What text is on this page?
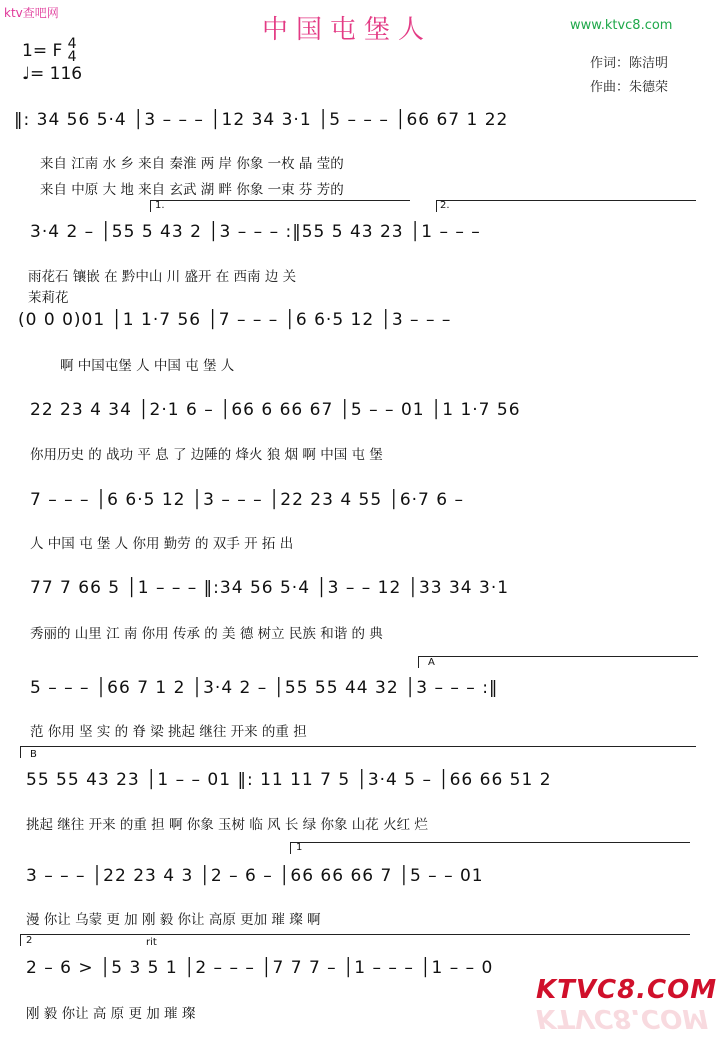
ktv查吧网
www.ktvc8.com
中国屯堡人
1= F 4
4
♩= 116
作词：陈洁明
作曲：朱德荣
‖: 34 56 5·4 │3 – – – │12 34 3·1 │5 – – – │66 67 1 22
来自 江南 水 乡 来自 秦淮 两 岸 你象 一枚 晶 莹的
来自 中原 大 地 来自 玄武 湖 畔 你象 一束 芬 芳的
1.	2.
3·4 2 – │55 5 43 2 │3 – – – :‖55 5 43 23 │1 – – –
雨花石 镶嵌 在 黔中山 川 盛开 在 西南 边 关
茉莉花
(0 0 0)01 │1 1·7 56 │7 – – – │6 6·5 12 │3 – – –
啊 中国屯堡 人 中国 屯 堡 人
22 23 4 34 │2·1 6 – │66 6 66 67 │5 – – 01 │1 1·7 56
你用历史 的 战功 平 息 了 边陲的 烽火 狼 烟 啊 中国 屯 堡
7 – – – │6 6·5 12 │3 – – – │22 23 4 55 │6·7 6 –
人 中国 屯 堡 人 你用 勤劳 的 双手 开 拓 出
77 7 66 5 │1 – – – ‖:34 56 5·4 │3 – – 12 │33 34 3·1
秀丽的 山里 江 南 你用 传承 的 美 德 树立 民族 和谐 的 典
A
5 – – – │66 7 1 2 │3·4 2 – │55 55 44 32 │3 – – – :‖
范 你用 坚 实 的 脊 梁 挑起 继往 开来 的重 担
B
55 55 43 23 │1 – – 01 ‖: 11 11 7 5 │3·4 5 – │66 66 51 2
挑起 继往 开来 的重 担 啊 你象 玉树 临 风 长 绿 你象 山花 火红 烂
1
3 – – – │22 23 4 3 │2 – 6 – │66 66 66 7 │5 – – 01
漫 你让 乌蒙 更 加 刚 毅 你让 高原 更加 璀 璨 啊
2	rit
2 – 6 > │5 3 5 1 │2 – – – │7 7 7 – │1 – – – │1 – – 0
刚 毅 你让 高 原 更 加 璀 璨
KTVC8.COM
KTVC8.COM
